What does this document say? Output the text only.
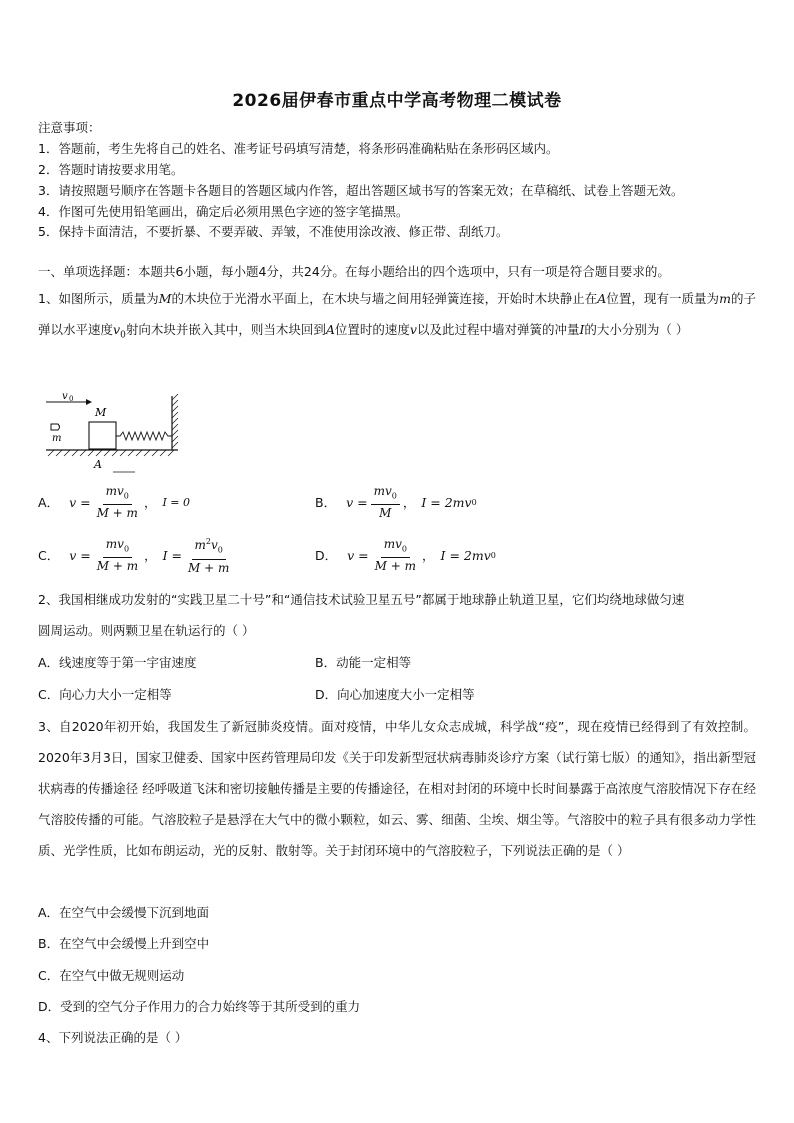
2026届伊春市重点中学高考物理二模试卷
注意事项：
1．答题前，考生先将自己的姓名、准考证号码填写清楚，将条形码准确粘贴在条形码区域内。
2．答题时请按要求用笔。
3．请按照题号顺序在答题卡各题目的答题区域内作答，超出答题区域书写的答案无效；在草稿纸、试卷上答题无效。
4．作图可先使用铅笔画出，确定后必须用黑色字迹的签字笔描黑。
5．保持卡面清洁，不要折暴、不要弄破、弄皱，不准使用涂改液、修正带、刮纸刀。
一、单项选择题：本题共6小题，每小题4分，共24分。在每小题给出的四个选项中，只有一项是符合题目要求的。
1、如图所示，质量为M的木块位于光滑水平面上，在木块与墙之间用轻弹簧连接，开始时木块静止在A位置，现有一质量为m的子弹以水平速度$v_0$射向木块并嵌入其中，则当木块回到A位置时的速度v以及此过程中墙对弹簧的冲量I的大小分别为（ ）
v 0
m
M
A
A． $v = \frac{mv_0}{M + m}$ ， I = 0	B． $v = \frac{mv_0}{M}$ ， I = 2mv 0
C． $v = \frac{mv_0}{M + m}$ ， $I = \frac{m^2v_0}{M + m}$	D． $v = \frac{mv_0}{M + m}$ ， I = 2mv 0
2、我国相继成功发射的“实践卫星二十号”和“通信技术试验卫星五号”都属于地球静止轨道卫星，它们均绕地球做匀速
圆周运动。则两颗卫星在轨运行的（ ）
A．线速度等于第一宇宙速度	B．动能一定相等
C．向心力大小一定相等	D．向心加速度大小一定相等
3、自2020年初开始，我国发生了新冠肺炎疫情。面对疫情，中华儿女众志成城，科学战“疫”，现在疫情已经得到了有效控制。2020年3月3日，国家卫健委、国家中医药管理局印发《关于印发新型冠状病毒肺炎诊疗方案（试行第七版）的通知》，指出新型冠状病毒的传播途径 经呼吸道飞沫和密切接触传播是主要的传播途径，在相对封闭的环境中长时间暴露于高浓度气溶胶情况下存在经气溶胶传播的可能。气溶胶粒子是悬浮在大气中的微小颗粒，如云、雾、细菌、尘埃、烟尘等。气溶胶中的粒子具有很多动力学性质、光学性质，比如布朗运动，光的反射、散射等。关于封闭环境中的气溶胶粒子，下列说法正确的是（ ）
A．在空气中会缓慢下沉到地面
B．在空气中会缓慢上升到空中
C．在空气中做无规则运动
D．受到的空气分子作用力的合力始终等于其所受到的重力
4、下列说法正确的是（ ）
